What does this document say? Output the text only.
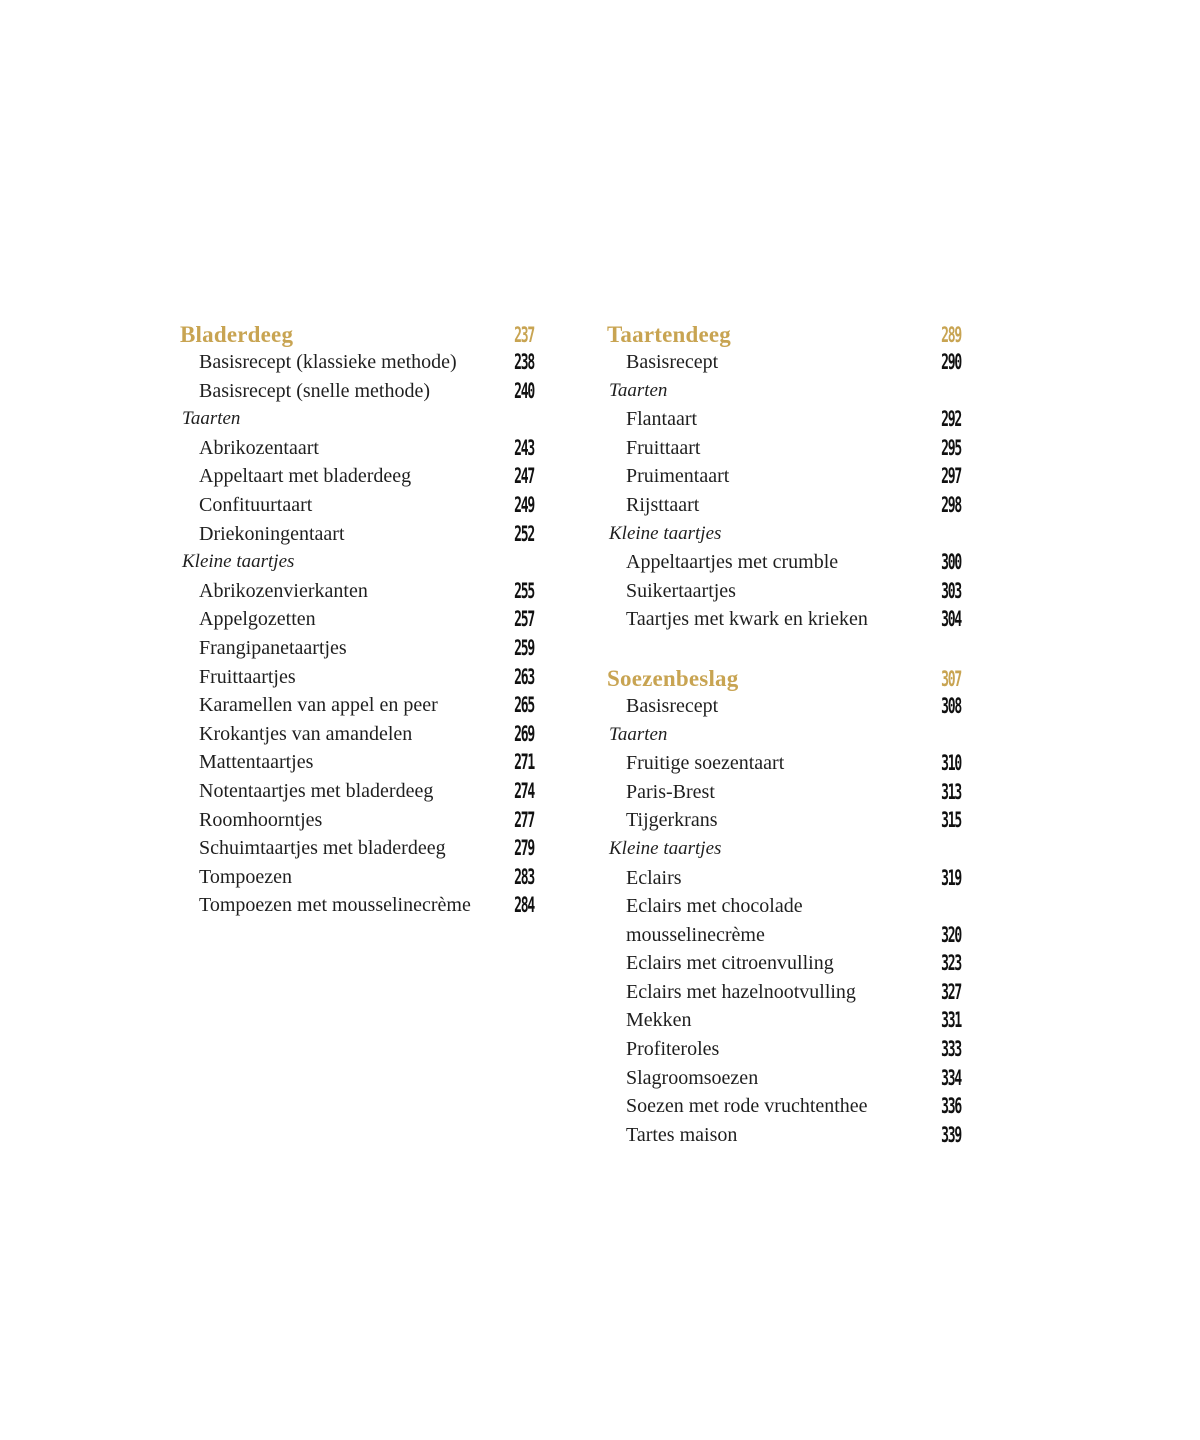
Bladerdeeg	237
Basisrecept (klassieke methode)	238
Basisrecept (snelle methode)	240
Taarten
Abrikozentaart	243
Appeltaart met bladerdeeg	247
Confituurtaart	249
Driekoningentaart	252
Kleine taartjes
Abrikozenvierkanten	255
Appelgozetten	257
Frangipanetaartjes	259
Fruittaartjes	263
Karamellen van appel en peer	265
Krokantjes van amandelen	269
Mattentaartjes	271
Notentaartjes met bladerdeeg	274
Roomhoorntjes	277
Schuimtaartjes met bladerdeeg	279
Tompoezen	283
Tompoezen met mousselinecrème 284
Taartendeeg	289
Basisrecept	290
Taarten
Flantaart	292
Fruittaart	295
Pruimentaart	297
Rijsttaart	298
Kleine taartjes
Appeltaartjes met crumble	300
Suikertaartjes	303
Taartjes met kwark en krieken	304
Soezenbeslag	307
Basisrecept	308
Taarten
Fruitige soezentaart	310
Paris-Brest	313
Tijgerkrans	315
Kleine taartjes
Eclairs	319
Eclairs met chocolade
mousselinecrème	320
Eclairs met citroenvulling	323
Eclairs met hazelnootvulling	327
Mekken	331
Profiteroles	333
Slagroomsoezen	334
Soezen met rode vruchtenthee	336
Tartes maison	339
